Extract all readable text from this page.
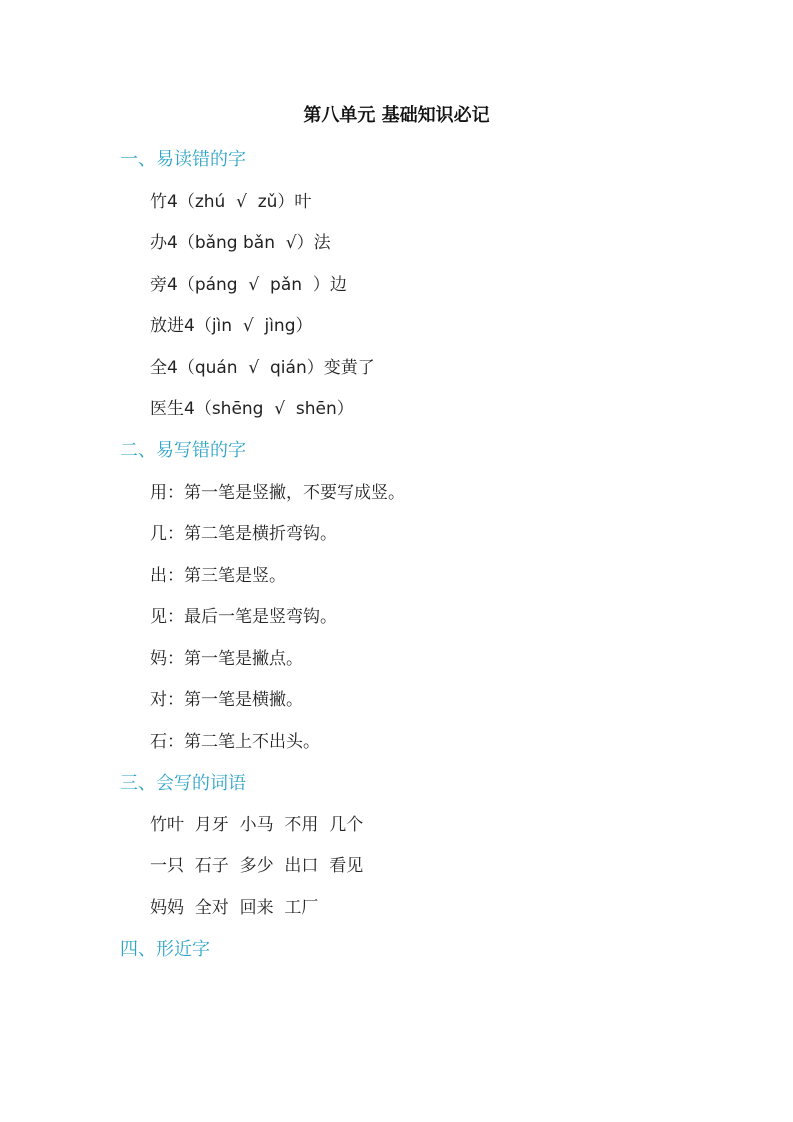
第八单元 基础知识必记
一、易读错的字
竹4（zhú  √  zǔ）叶
办4（bǎng bǎn  √）法
旁4（páng  √  pǎn  ）边
放进4（jìn  √  jìng）
全4（quán  √  qián）变黄了
医生4（shēng  √  shēn）
二、易写错的字
用：第一笔是竖撇，不要写成竖。
几：第二笔是横折弯钩。
出：第三笔是竖。
见：最后一笔是竖弯钩。
妈：第一笔是撇点。
对：第一笔是横撇。
石：第二笔上不出头。
三、会写的词语
竹叶  月牙  小马  不用  几个
一只  石子  多少  出口  看见
妈妈  全对  回来  工厂
四、形近字
